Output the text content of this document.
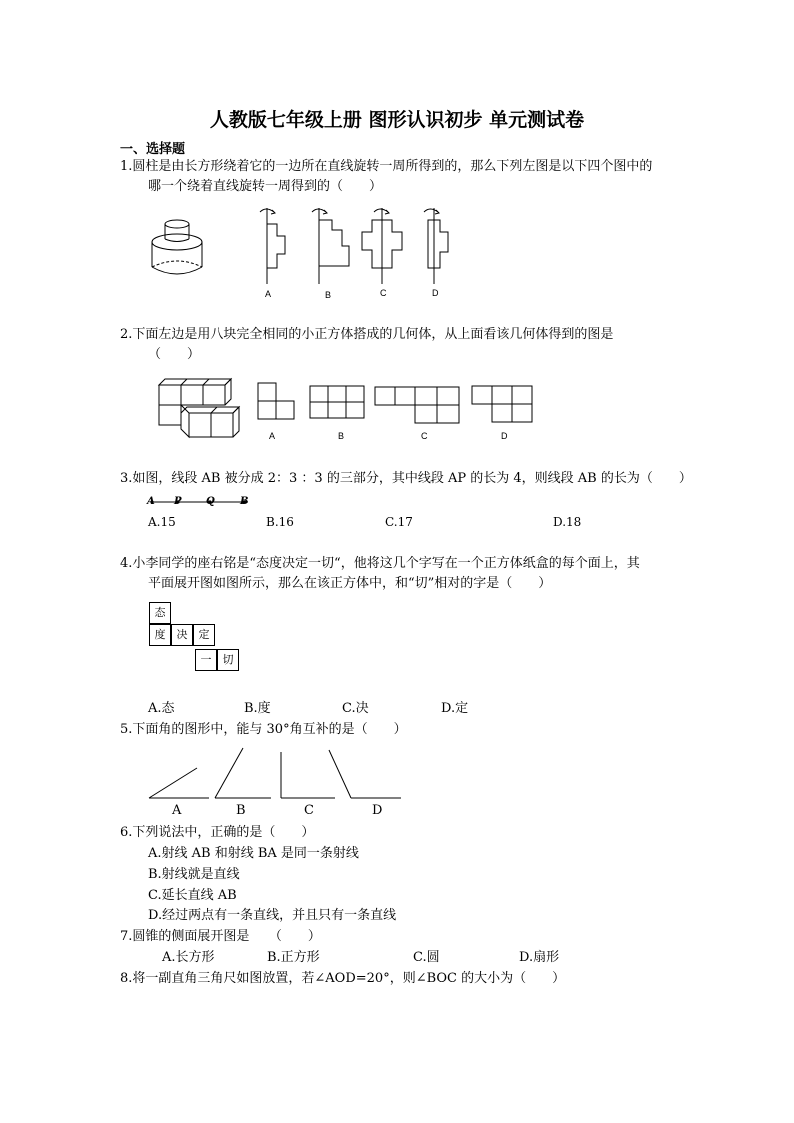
人教版七年级上册 图形认识初步 单元测试卷
一、选择题
1.圆柱是由长方形绕着它的一边所在直线旋转一周所得到的，那么下列左图是以下四个图中的
哪一个绕着直线旋转一周得到的（　　）
A	B	C	D
2.下面左边是用八块完全相同的小正方体搭成的几何体，从上面看该几何体得到的图是
（　　）
A	B	C	D
3.如图，线段 AB 被分成 2：3 ：3 的三部分，其中线段 AP 的长为 4，则线段 AB 的长为（　　）
A P Q	B
A.15	B.16	C.17	D.18
4.小李同学的座右铭是“态度决定一切“，他将这几个字写在一个正方体纸盒的每个面上，其
平面展开图如图所示，那么在该正方体中，和“切”相对的字是（　　）
态
度	决	定
一	切
A.态	B.度	C.决	D.定
5.下面角的图形中，能与 30°角互补的是（　　）
A	B	C	D
6.下列说法中，正确的是（　　）
A.射线 AB 和射线 BA 是同一条射线
B.射线就是直线
C.延长直线 AB
D.经过两点有一条直线，并且只有一条直线
7.圆锥的侧面展开图是　　（　　）
A.长方形	B.正方形	C.圆	D.扇形
8.将一副直角三角尺如图放置，若∠AOD=20°，则∠BOC 的大小为（　　）
